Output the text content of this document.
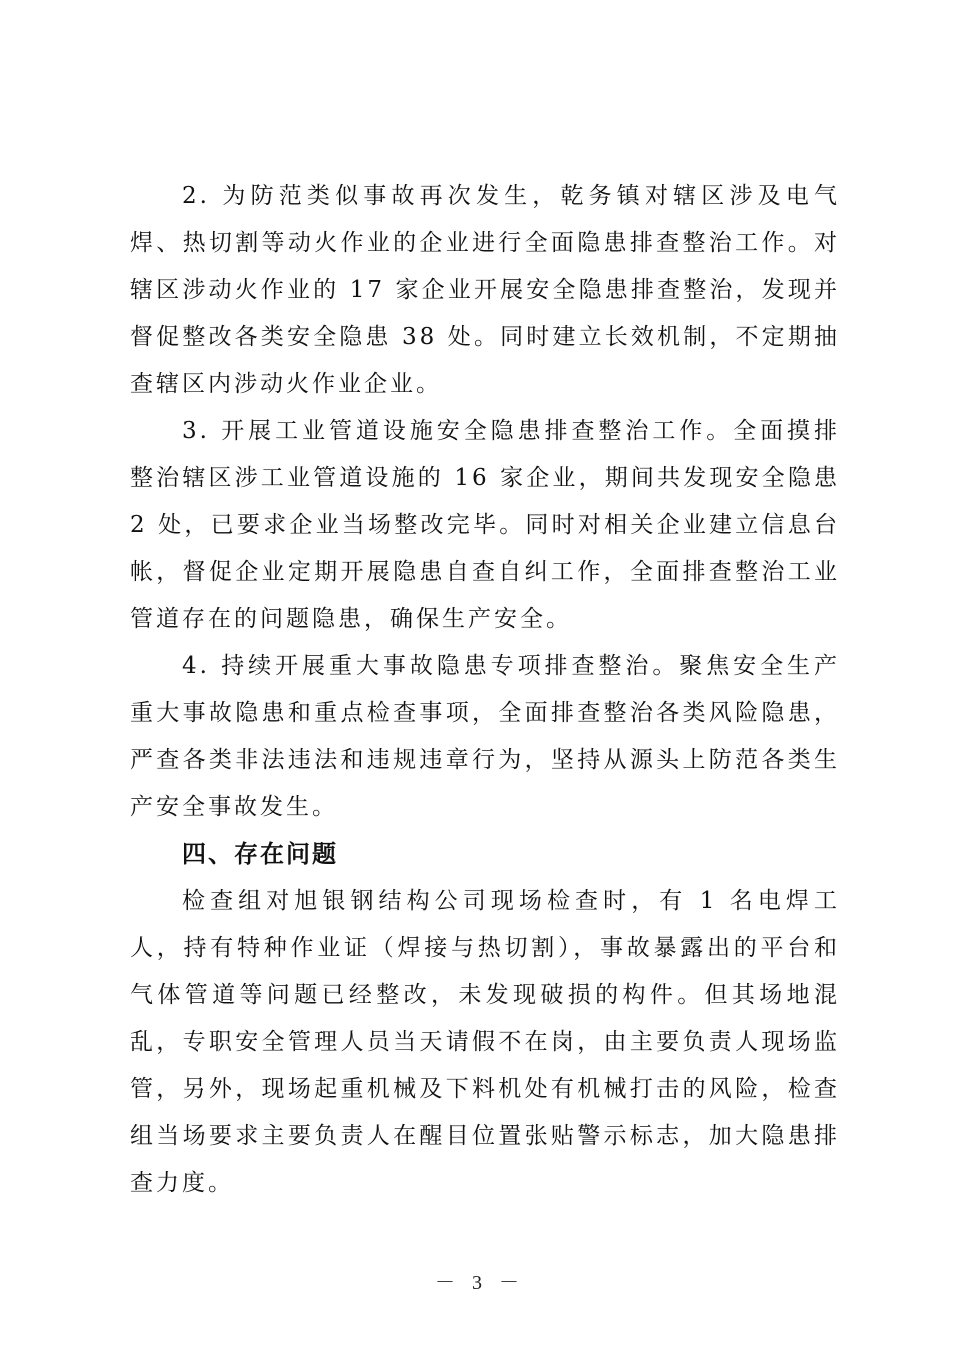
2. 为防范类似事故再次发生，乾务镇对辖区涉及电气焊、热切割等动火作业的企业进行全面隐患排查整治工作。对辖区涉动火作业的 17 家企业开展安全隐患排查整治，发现并督促整改各类安全隐患 38 处。同时建立长效机制，不定期抽查辖区内涉动火作业企业。

3. 开展工业管道设施安全隐患排查整治工作。全面摸排整治辖区涉工业管道设施的 16 家企业，期间共发现安全隐患 2 处，已要求企业当场整改完毕。同时对相关企业建立信息台帐，督促企业定期开展隐患自查自纠工作，全面排查整治工业管道存在的问题隐患，确保生产安全。

4. 持续开展重大事故隐患专项排查整治。聚焦安全生产重大事故隐患和重点检查事项，全面排查整治各类风险隐患，严查各类非法违法和违规违章行为，坚持从源头上防范各类生产安全事故发生。

四、存在问题

检查组对旭银钢结构公司现场检查时，有 1 名电焊工人，持有特种作业证（焊接与热切割），事故暴露出的平台和气体管道等问题已经整改，未发现破损的构件。但其场地混乱，专职安全管理人员当天请假不在岗，由主要负责人现场监管，另外，现场起重机械及下料机处有机械打击的风险，检查组当场要求主要负责人在醒目位置张贴警示标志，加大隐患排查力度。

－ 3 －
